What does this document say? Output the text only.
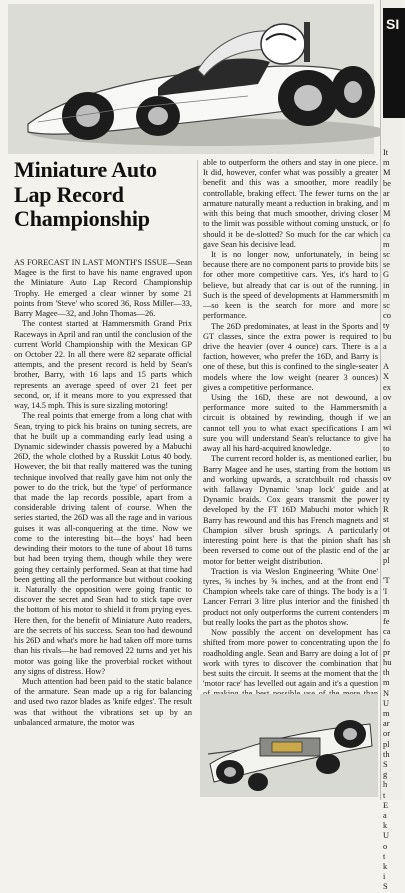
Miniature Auto Lap Record Championship

AS FORECAST IN LAST MONTH'S ISSUE—Sean Magee is the first to have his name engraved upon the Miniature Auto Lap Record Championship Trophy. He emerged a clear winner by some 21 points from 'Steve' who scored 36, Ross Miller—33, Barry Magee—32, and John Thomas—26.

The contest started at Hammersmith Grand Prix Raceways in April and ran until the conclusion of the current World Championship with the Mexican GP on October 22. In all there were 82 separate official attempts, and the present record is held by Sean's brother, Barry, with 16 laps and 15 parts which represents an average speed of over 21 feet per second, or, if it means more to you expressed that way, 14.5 mph. This is sure sizzling motoring!

The real points that emerge from a long chat with Sean, trying to pick his brains on tuning secrets, are that he built up a commanding early lead using a Dynamic sidewinder chassis powered by a Mabuchi 26D, the whole clothed by a Russkit Lotus 40 body. However, the bit that really mattered was the tuning technique involved that really gave him not only the power to do the trick, but the 'type' of performance that made the lap records possible, apart from a considerable driving talent of course. When the series started, the 26D was all the rage and in various guises it was all-conquering at the time. Now we come to the interesting bit—the boys' had been dewinding their motors to the tune of about 18 turns but had been trying them, though while they were going they certainly performed. Sean at that time had been getting all the performance but without cooking it. Naturally the opposition were going frantic to discover the secret and Sean had to stick tape over the bottom of his motor to shield it from prying eyes. Here then, for the benefit of Miniature Auto readers, are the secrets of his success. Sean too had dewound his 26D and what's more he had taken off more turns than his rivals—he had removed 22 turns and yet his motor was going like the proverbial rocket without any signs of distress. How?

Much attention had been paid to the static balance of the armature. Sean made up a rig for balancing and used two razor blades as 'knife edges'. The result was that without the vibrations set up by an unbalanced armature, the motor was

able to outperform the others and stay in one piece. It did, however, confer what was possibly a greater benefit and this was a smoother, more readily controllable, braking effect. The fewer turns on the armature naturally meant a reduction in braking, and with this being that much smoother, driving closer to the limit was possible without coming unstuck, or should it be de-slotted? So much for the car which gave Sean his decisive lead.

It is no longer now, unfortunately, in being because there are no component parts to provide bits for other more competitive cars. Yes, it's hard to believe, but already that car is out of the running. Such is the speed of developments at Hammersmith—so keen is the search for more and more performance.

The 26D predominates, at least in the Sports and GT classes, since the extra power is required to drive the heavier (over 4 ounce) cars. There is a faction, however, who prefer the 16D, and Barry is one of these, but this is confined to the single-seater models where the low weight (nearer 3 ounces) gives a competitive performance.

Using the 16D, these are not dewound, a performance more suited to the Hammersmith circuit is obtained by rewinding, though if we cannot tell you to what exact specifications I am sure you will understand Sean's reluctance to give away all his hard-acquired knowledge.

The current record holder is, as mentioned earlier, Barry Magee and he uses, starting from the bottom and working upwards, a scratchbuilt rod chassis with fallaway Dynamic 'snap lock' guide and Dynamic braids. Cox gears transmit the power developed by the FT 16D Mabuchi motor which Barry has rewound and this has French magnets and Champion silver brush springs. A particularly interesting point here is that the pinion shaft has been reversed to come out of the plastic end of the motor for better weight distribution.

Traction is via Weslon Engineering 'White One' tyres, ⅝ inches by ⅝ inches, and at the front end Champion wheels take care of things. The body is a Lancer Ferrari 3 litre plus interior and the finished product not only outperforms the current contenders but really looks the part as the photos show.

Now possibly the accent on development has shifted from more power to concentrating upon the roadholding angle. Sean and Barry are doing a lot of work with tyres to discover the combination that best suits the circuit. It seems at the moment that the 'motor race' has levelled out again and it's a question

SI
It
m
M
be
ar
m
M
fo
ca
m
sc
se
G
in
m
sc
co
ty
bu
a
A
X
ex
ov
a
an
wi
ha
to
bu
us
ov
at
ty
R
st
ot
sh
ar
pl
'T
'I
th
m
fe
ca
fo
pr
hu
th
m
N
U
m
ar
or
pl
th
S
g
h
t
E
a
k
U
o
t
k
i
S
